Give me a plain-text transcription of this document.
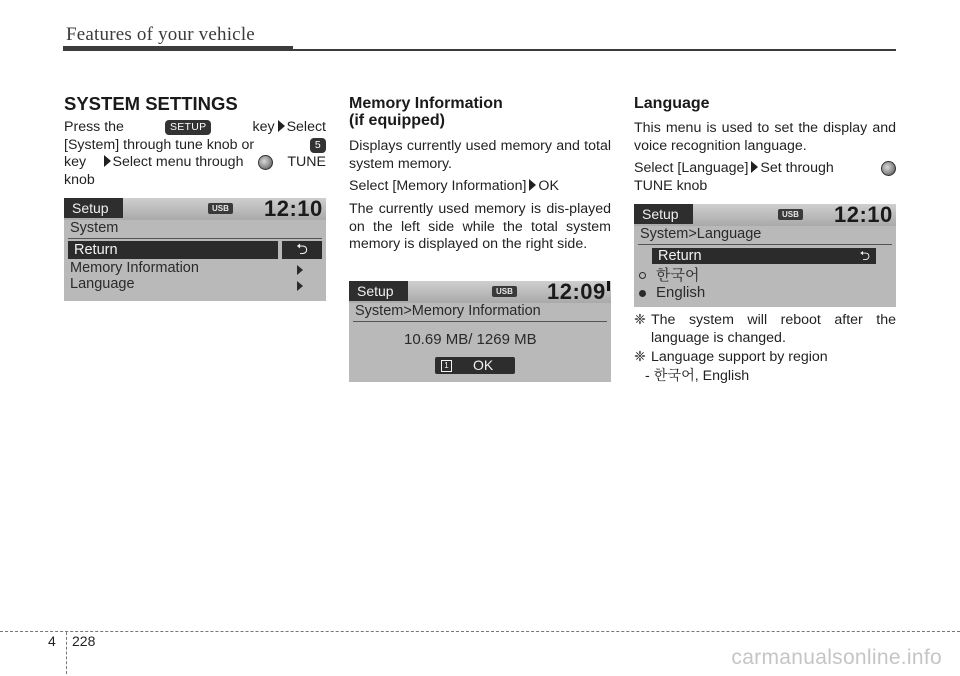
Features of your vehicle
SYSTEM SETTINGS
Press the	SETUP	key Select
[System] through tune knob or	5
key	Select menu through	TUNE
knob
Setup	USB 12:10
System
Return	⮌
Memory Information
Language
Memory Information
(if equipped)
Displays currently used memory and total system memory.
Select [Memory Information] OK
The currently used memory is dis-played on the left side while the total system memory is displayed on the right side.
Setup	USB 12:09
System>Memory Information
10.69 MB/ 1269 MB
1 OK
Language
This menu is used to set the display and voice recognition language.
Select [Language] Set through
TUNE knob
Setup	USB 12:10
System>Language
Return	⮌
한국어
English
❈ The system will reboot after the language is changed.
❈ Language support by region
- 한국어, English
4 228
carmanualsonline.info
